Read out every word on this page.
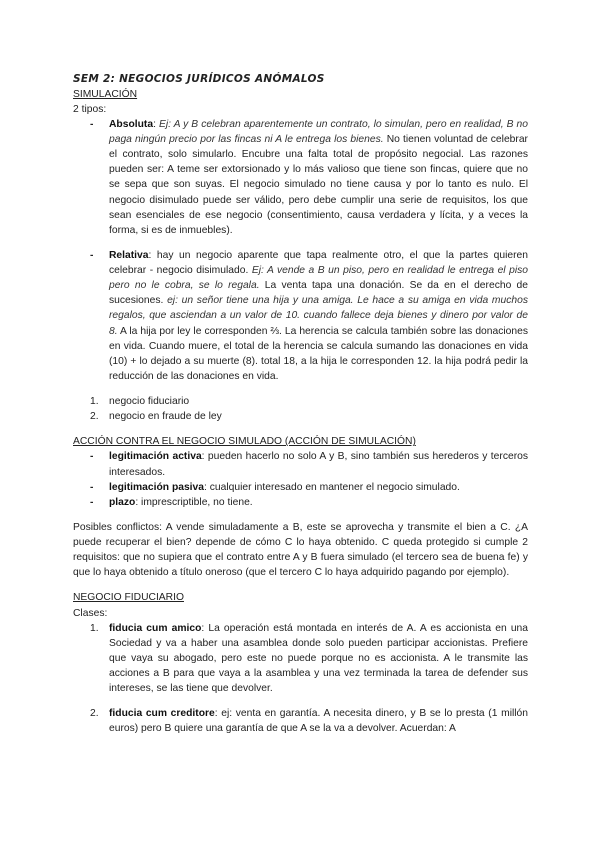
SEM 2: NEGOCIOS JURÍDICOS ANÓMALOS

SIMULACIÓN
2 tipos:
- Absoluta: Ej: A y B celebran aparentemente un contrato, lo simulan, pero en realidad, B no paga ningún precio por las fincas ni A le entrega los bienes. No tienen voluntad de celebrar el contrato, solo simularlo. Encubre una falta total de propósito negocial. Las razones pueden ser: A teme ser extorsionado y lo más valioso que tiene son fincas, quiere que no se sepa que son suyas. El negocio simulado no tiene causa y por lo tanto es nulo. El negocio disimulado puede ser válido, pero debe cumplir una serie de requisitos, los que sean esenciales de ese negocio (consentimiento, causa verdadera y lícita, y a veces la forma, si es de inmuebles).
- Relativa: hay un negocio aparente que tapa realmente otro, el que la partes quieren celebrar - negocio disimulado. Ej: A vende a B un piso, pero en realidad le entrega el piso pero no le cobra, se lo regala. La venta tapa una donación. Se da en el derecho de sucesiones. ej: un señor tiene una hija y una amiga. Le hace a su amiga en vida muchos regalos, que asciendan a un valor de 10. cuando fallece deja bienes y dinero por valor de 8. A la hija por ley le corresponden ⅔. La herencia se calcula también sobre las donaciones en vida. Cuando muere, el total de la herencia se calcula sumando las donaciones en vida (10) + lo dejado a su muerte (8). total 18, a la hija le corresponden 12. la hija podrá pedir la reducción de las donaciones en vida.
1. negocio fiduciario
2. negocio en fraude de ley
ACCIÓN CONTRA EL NEGOCIO SIMULADO (ACCIÓN DE SIMULACIÓN)
- legitimación activa: pueden hacerlo no solo A y B, sino también sus herederos y terceros interesados.
- legitimación pasiva: cualquier interesado en mantener el negocio simulado.
- plazo: imprescriptible, no tiene.

Posibles conflictos: A vende simuladamente a B, este se aprovecha y transmite el bien a C. ¿A puede recuperar el bien? depende de cómo C lo haya obtenido. C queda protegido si cumple 2 requisitos: que no supiera que el contrato entre A y B fuera simulado (el tercero sea de buena fe) y que lo haya obtenido a título oneroso (que el tercero C lo haya adquirido pagando por ejemplo).

NEGOCIO FIDUCIARIO
Clases:
1. fiducia cum amico: La operación está montada en interés de A. A es accionista en una Sociedad y va a haber una asamblea donde solo pueden participar accionistas. Prefiere que vaya su abogado, pero este no puede porque no es accionista. A le transmite las acciones a B para que vaya a la asamblea y una vez terminada la tarea de defender sus intereses, se las tiene que devolver.
2. fiducia cum creditore: ej: venta en garantía. A necesita dinero, y B se lo presta (1 millón euros) pero B quiere una garantía de que A se la va a devolver. Acuerdan: A
